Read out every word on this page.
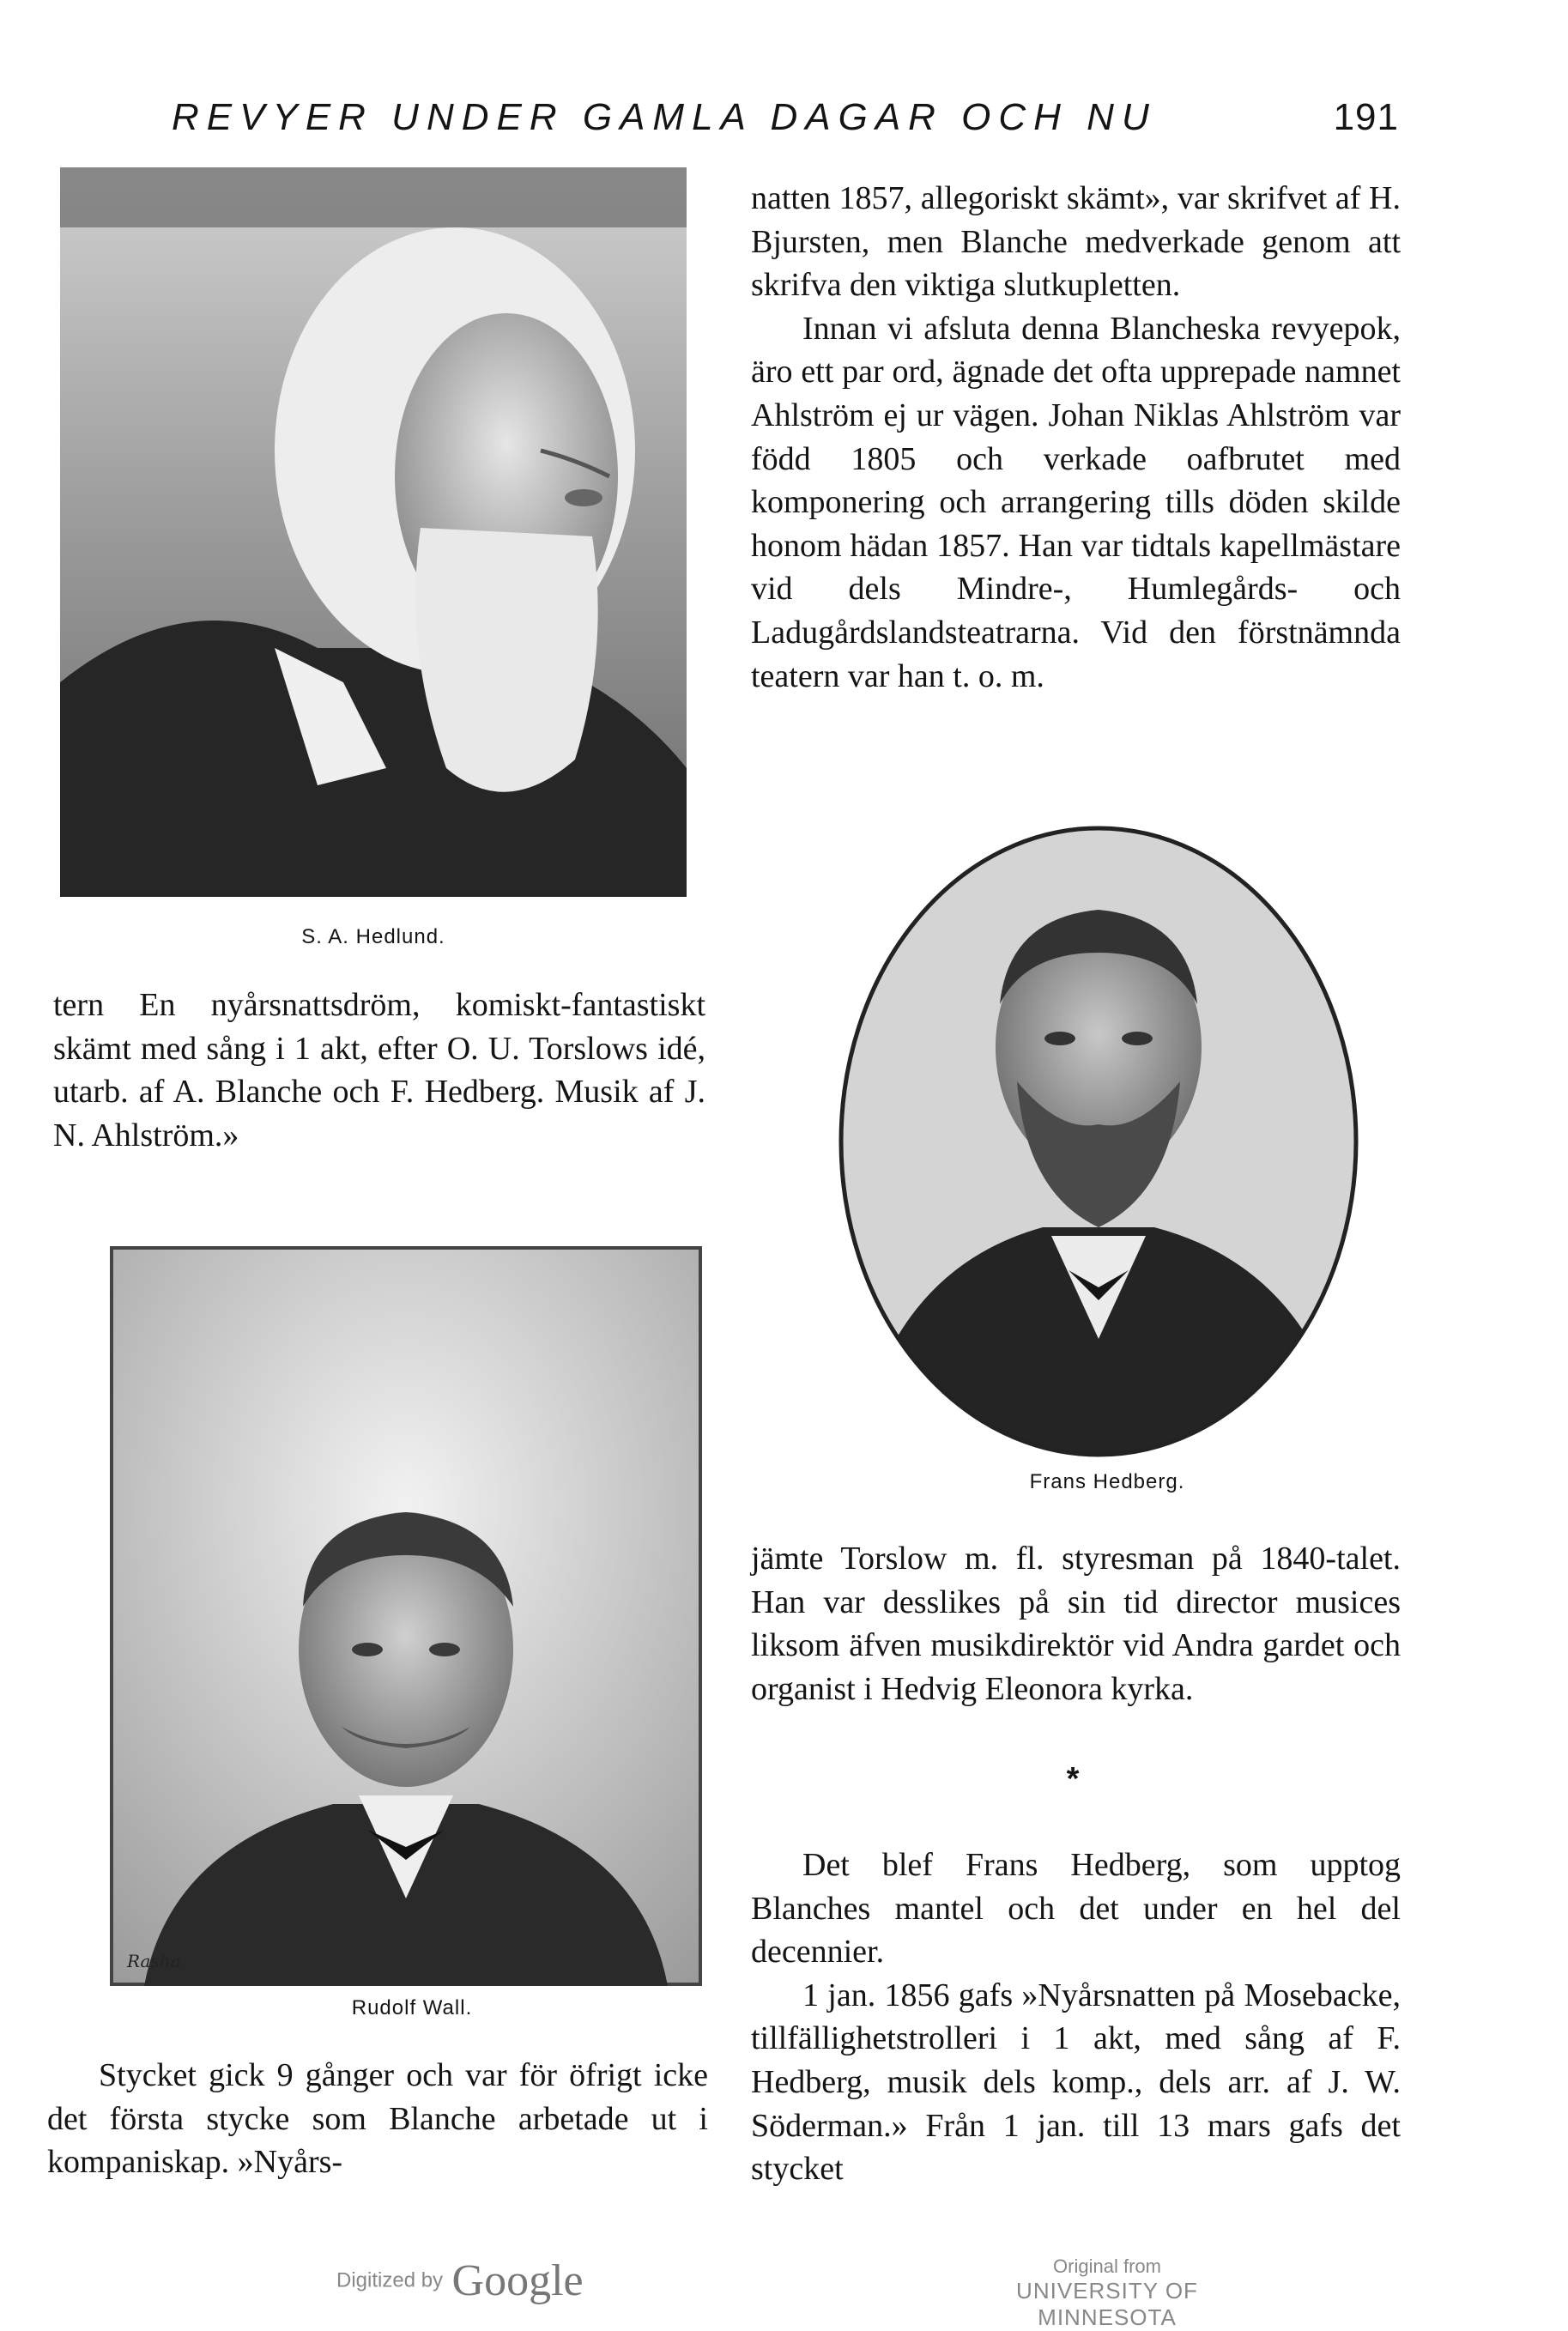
REVYER UNDER GAMLA DAGAR OCH NU	191

natten 1857, allegoriskt skämt», var skrifvet af H. Bjursten, men Blanche medverkade genom att skrifva den viktiga slutkupletten.

Innan vi afsluta denna Blancheska revyepok, äro ett par ord, ägnade det ofta upprepade namnet Ahlström ej ur vägen. Johan Niklas Ahlström var född 1805 och verkade oafbrutet med komponering och arrangering tills döden skilde honom hädan 1857. Han var tidtals kapellmästare vid dels Mindre-, Humlegårds- och Ladugårdslandsteatrarna. Vid den förstnämnda teatern var han t. o. m.

S. A. Hedlund.

tern En nyårsnattsdröm, komiskt-fantastiskt skämt med sång i 1 akt, efter O. U. Torslows idé, utarb. af A. Blanche och F. Hedberg. Musik af J. N. Ahlström.»

Rasha
Frans Hedberg.

jämte Torslow m. fl. styresman på 1840-talet. Han var desslikes på sin tid director musices liksom äfven musikdirektör vid Andra gardet och organist i Hedvig Eleonora kyrka.

*

Det blef Frans Hedberg, som upptog Blanches mantel och det under en hel del decennier.

1 jan. 1856 gafs »Nyårsnatten på Mosebacke, tillfällighetstrolleri i 1 akt, med sång af F. Hedberg, musik dels komp., dels arr. af J. W. Söderman.» Från 1 jan. till 13 mars gafs det stycket

Rudolf Wall.

Stycket gick 9 gånger och var för öfrigt icke det första stycke som Blanche arbetade ut i kompaniskap. »Nyårs-

Digitized by Google	Original from
UNIVERSITY OF MINNESOTA
